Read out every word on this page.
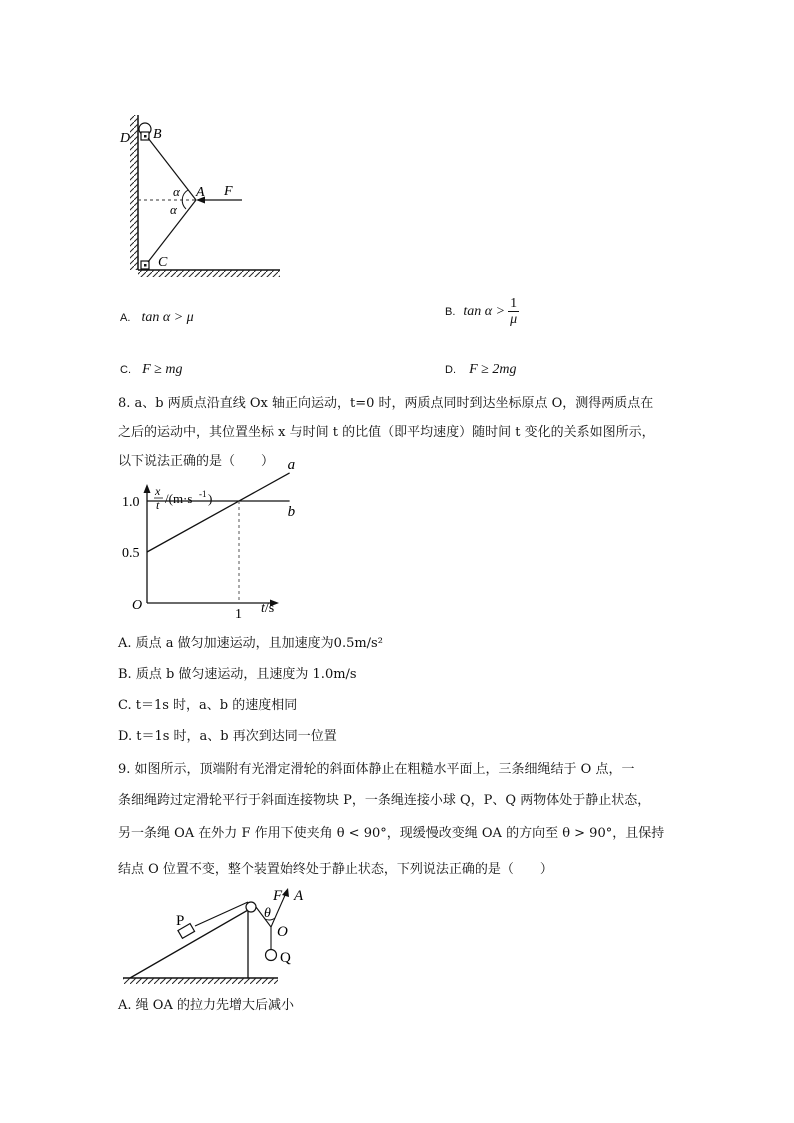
D B
α
α
A F
C
A. tan α > μ	B. tan α > 1
μ
C. F ≥ mg	D. F ≥ 2mg
8. a、b 两质点沿直线 Ox 轴正向运动，t=0 时，两质点同时到达坐标原点 O，测得两质点在
之后的运动中，其位置坐标 x 与时间 t 的比值（即平均速度）随时间 t 变化的关系如图所示，
以下说法正确的是（　　）
x
t /(m·s -1 )
a
b
0.5
1.0
1 t/s
O
A. 质点 a 做匀加速运动，且加速度为0.5m/s²
B. 质点 b 做匀速运动，且速度为 1.0m/s
C. t＝1s 时，a、b 的速度相同
D. t＝1s 时，a、b 再次到达同一位置
9. 如图所示，顶端附有光滑定滑轮的斜面体静止在粗糙水平面上，三条细绳结于 O 点，一
条细绳跨过定滑轮平行于斜面连接物块 P，一条绳连接小球 Q，P、Q 两物体处于静止状态，
另一条绳 OA 在外力 F 作用下使夹角 θ < 90°，现缓慢改变绳 OA 的方向至 θ > 90°，且保持
结点 O 位置不变，整个装置始终处于静止状态，下列说法正确的是（　　）
P
F A
θ
O
Q
A. 绳 OA 的拉力先增大后减小
